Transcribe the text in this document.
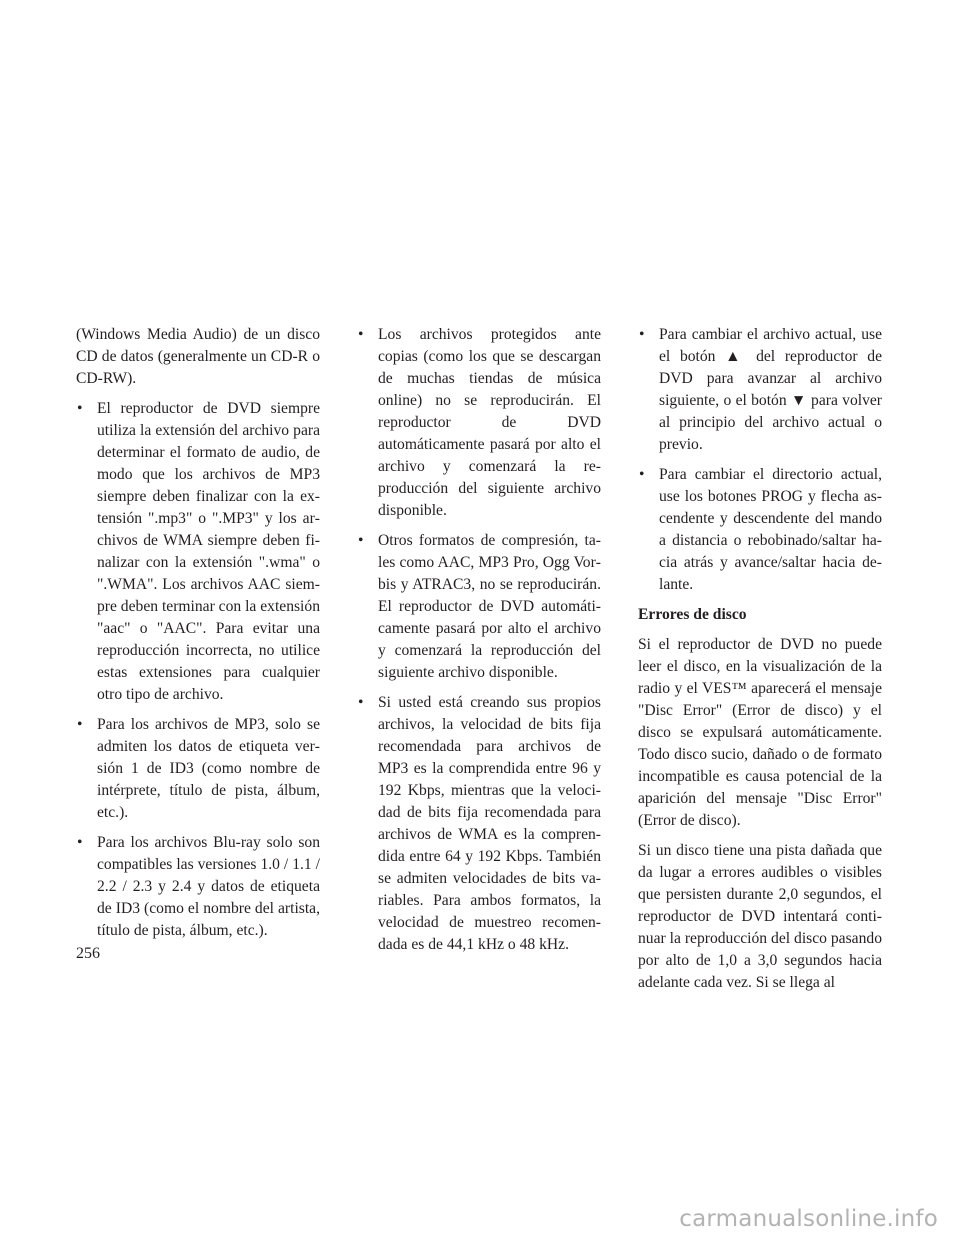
(Windows Media Audio) de un disco CD de datos (generalmente un CD-R o CD-RW).

• El reproductor de DVD siempre utiliza la extensión del archivo para determinar el formato de audio, de modo que los archivos de MP3 siempre deben finalizar con la extensión ".mp3" o ".MP3" y los archivos de WMA siempre deben finalizar con la extensión ".wma" o ".WMA". Los archivos AAC siempre deben terminar con la extensión "aac" o "AAC". Para evitar una reproducción incorrecta, no utilice estas extensiones para cualquier otro tipo de archivo.

• Para los archivos de MP3, solo se admiten los datos de etiqueta versión 1 de ID3 (como nombre de intérprete, título de pista, álbum, etc.).

• Para los archivos Blu-ray solo son compatibles las versiones 1.0 / 1.1 / 2.2 / 2.3 y 2.4 y datos de etiqueta de ID3 (como el nombre del artista, título de pista, álbum, etc.).

• Los archivos protegidos ante copias (como los que se descargan de muchas tiendas de música online) no se reproducirán. El reproductor de DVD automáticamente pasará por alto el archivo y comenzará la reproducción del siguiente archivo disponible.

• Otros formatos de compresión, tales como AAC, MP3 Pro, Ogg Vorbis y ATRAC3, no se reproducirán. El reproductor de DVD automáticamente pasará por alto el archivo y comenzará la reproducción del siguiente archivo disponible.

• Si usted está creando sus propios archivos, la velocidad de bits fija recomendada para archivos de MP3 es la comprendida entre 96 y 192 Kbps, mientras que la velocidad de bits fija recomendada para archivos de WMA es la comprendida entre 64 y 192 Kbps. También se admiten velocidades de bits variables. Para ambos formatos, la velocidad de muestreo recomendada es de 44,1 kHz o 48 kHz.

• Para cambiar el archivo actual, use el botón ▲ del reproductor de DVD para avanzar al archivo siguiente, o el botón ▼ para volver al principio del archivo actual o previo.

• Para cambiar el directorio actual, use los botones PROG y flecha ascendente y descendente del mando a distancia o rebobinado/saltar hacia atrás y avance/saltar hacia delante.

Errores de disco

Si el reproductor de DVD no puede leer el disco, en la visualización de la radio y el VES™ aparecerá el mensaje "Disc Error" (Error de disco) y el disco se expulsará automáticamente. Todo disco sucio, dañado o de formato incompatible es causa potencial de la aparición del mensaje "Disc Error" (Error de disco).

Si un disco tiene una pista dañada que da lugar a errores audibles o visibles que persisten durante 2,0 segundos, el reproductor de DVD intentará continuar la reproducción del disco pasando por alto de 1,0 a 3,0 segundos hacia adelante cada vez. Si se llega al

256
carmanualsonline.info
